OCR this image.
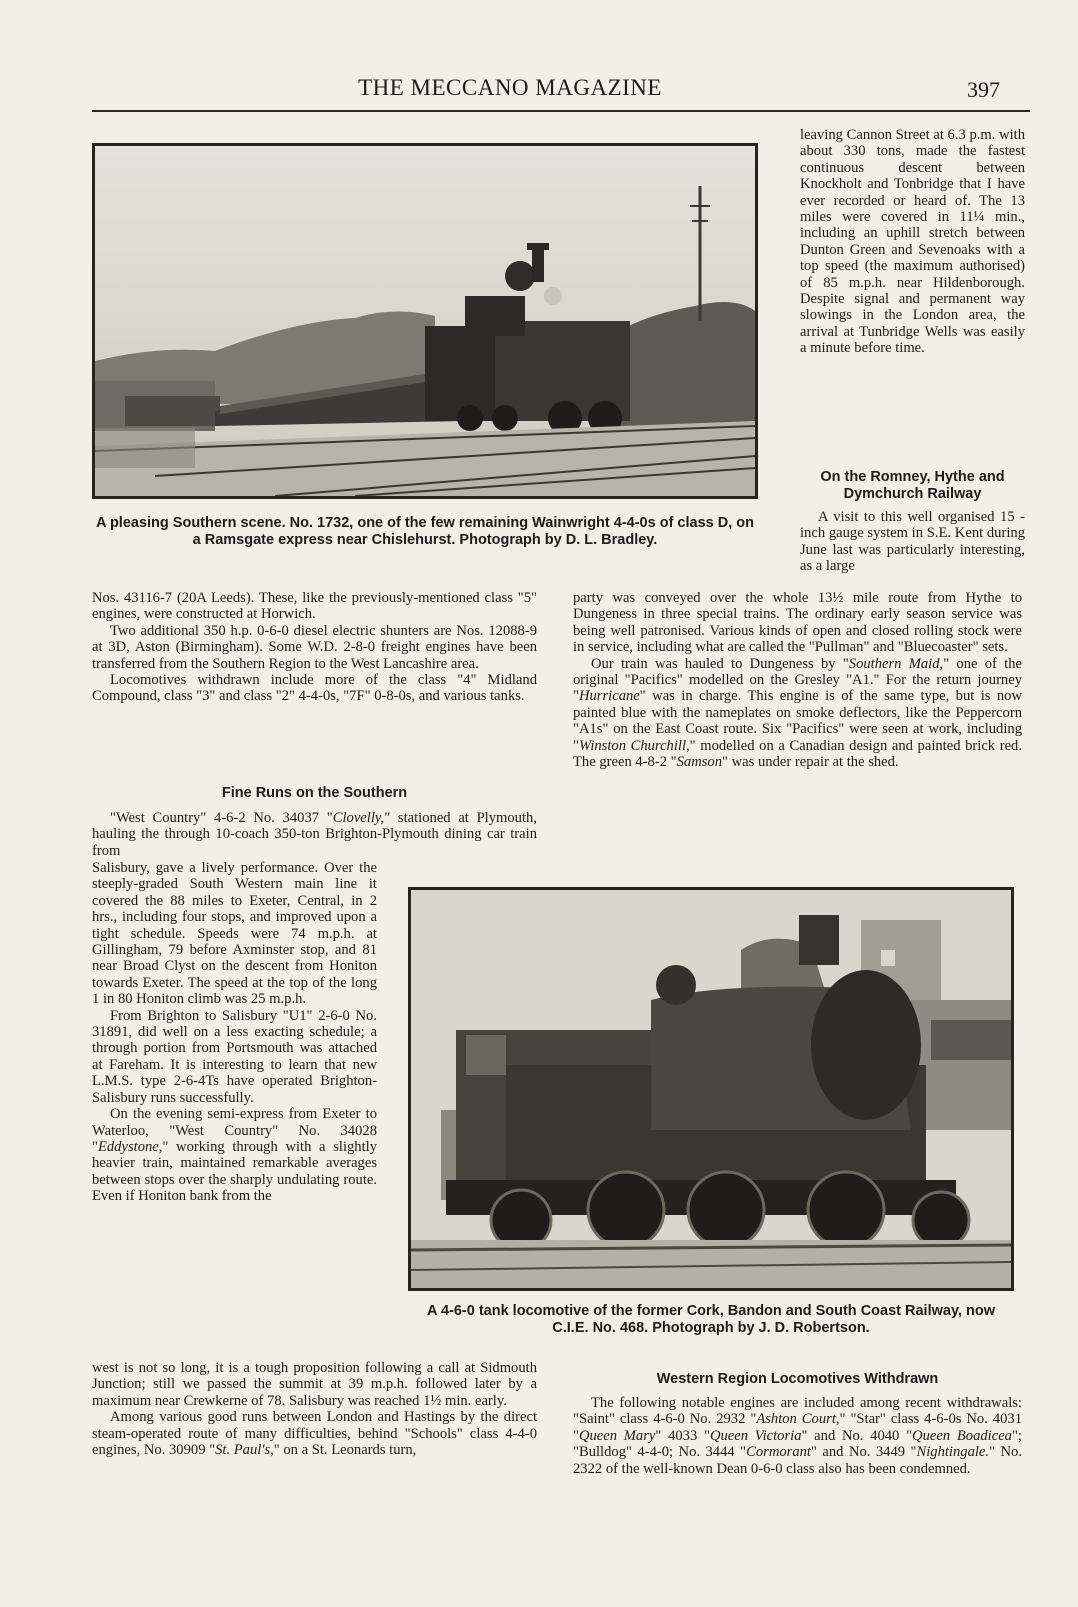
THE MECCANO MAGAZINE	397
A pleasing Southern scene. No. 1732, one of the few remaining Wainwright 4-4-0s of class D, on a Ramsgate express near Chislehurst. Photograph by D. L. Bradley.

leaving Cannon Street at 6.3 p.m. with about 330 tons, made the fastest continuous descent between Knockholt and Tonbridge that I have ever recorded or heard of. The 13 miles were covered in 11¼ min., including an uphill stretch between Dunton Green and Sevenoaks with a top speed (the maximum authorised) of 85 m.p.h. near Hildenborough. Despite signal and permanent way slowings in the London area, the arrival at Tunbridge Wells was easily a minute before time.

On the Romney, Hythe and Dymchurch Railway

A visit to this well organised 15 - inch gauge system in S.E. Kent during June last was particularly interesting, as a large

party was conveyed over the whole 13½ mile route from Hythe to Dungeness in three special trains. The ordinary early season service was being well patronised. Various kinds of open and closed rolling stock were in service, including what are called the "Pullman" and "Bluecoaster" sets.

Our train was hauled to Dungeness by "Southern Maid," one of the original "Pacifics" modelled on the Gresley "A1." For the return journey "Hurricane" was in charge. This engine is of the same type, but is now painted blue with the nameplates on smoke deflectors, like the Peppercorn "A1s" on the East Coast route. Six "Pacifics" were seen at work, including "Winston Churchill," modelled on a Canadian design and painted brick red. The green 4-8-2 "Samson" was under repair at the shed.

Nos. 43116-7 (20A Leeds). These, like the previously-mentioned class "5" engines, were constructed at Horwich.

Two additional 350 h.p. 0-6-0 diesel electric shunters are Nos. 12088-9 at 3D, Aston (Birmingham). Some W.D. 2-8-0 freight engines have been transferred from the Southern Region to the West Lancashire area.

Locomotives withdrawn include more of the class "4" Midland Compound, class "3" and class "2" 4-4-0s, "7F" 0-8-0s, and various tanks.

Fine Runs on the Southern

"West Country" 4-6-2 No. 34037 "Clovelly," stationed at Plymouth, hauling the through 10-coach 350-ton Brighton-Plymouth dining car train from

Salisbury, gave a lively performance. Over the steeply-graded South Western main line it covered the 88 miles to Exeter, Central, in 2 hrs., including four stops, and improved upon a tight schedule. Speeds were 74 m.p.h. at Gillingham, 79 before Axminster stop, and 81 near Broad Clyst on the descent from Honiton towards Exeter. The speed at the top of the long 1 in 80 Honiton climb was 25 m.p.h.

From Brighton to Salisbury "U1" 2-6-0 No. 31891, did well on a less exacting schedule; a through portion from Portsmouth was attached at Fareham. It is interesting to learn that new L.M.S. type 2-6-4Ts have operated Brighton-Salisbury runs successfully.

On the evening semi-express from Exeter to Waterloo, "West Country" No. 34028 "Eddystone," working through with a slightly heavier train, maintained remarkable averages between stops over the sharply undulating route. Even if Honiton bank from the

A 4-6-0 tank locomotive of the former Cork, Bandon and South Coast Railway, now C.I.E. No. 468. Photograph by J. D. Robertson.

west is not so long, it is a tough proposition following a call at Sidmouth Junction; still we passed the summit at 39 m.p.h. followed later by a maximum near Crewkerne of 78. Salisbury was reached 1½ min. early.

Among various good runs between London and Hastings by the direct steam-operated route of many difficulties, behind "Schools" class 4-4-0 engines, No. 30909 "St. Paul's," on a St. Leonards turn,

Western Region Locomotives Withdrawn

The following notable engines are included among recent withdrawals: "Saint" class 4-6-0 No. 2932 "Ashton Court," "Star" class 4-6-0s No. 4031 "Queen Mary" 4033 "Queen Victoria" and No. 4040 "Queen Boadicea"; "Bulldog" 4-4-0; No. 3444 "Cormorant" and No. 3449 "Nightingale." No. 2322 of the well-known Dean 0-6-0 class also has been condemned.
